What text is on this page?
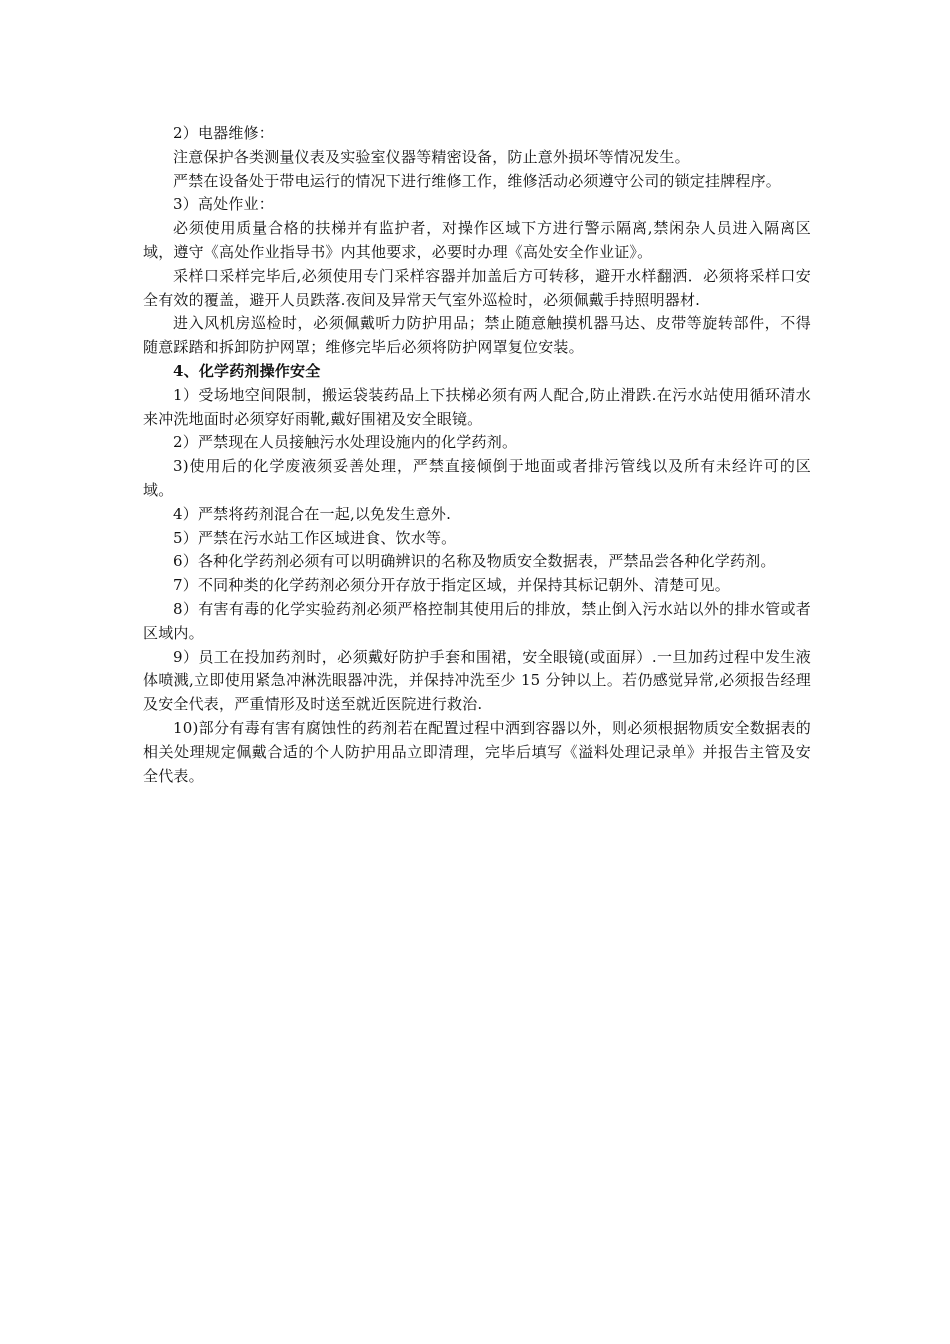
2）电器维修：

注意保护各类测量仪表及实验室仪器等精密设备，防止意外损坏等情况发生。

严禁在设备处于带电运行的情况下进行维修工作，维修活动必须遵守公司的锁定挂牌程序。

3）高处作业：

必须使用质量合格的扶梯并有监护者，对操作区域下方进行警示隔离,禁闲杂人员进入隔离区域，遵守《高处作业指导书》内其他要求，必要时办理《高处安全作业证》。

采样口采样完毕后,必须使用专门采样容器并加盖后方可转移，避开水样翻洒．必须将采样口安全有效的覆盖，避开人员跌落.夜间及异常天气室外巡检时，必须佩戴手持照明器材.

进入风机房巡检时，必须佩戴听力防护用品；禁止随意触摸机器马达、皮带等旋转部件，不得随意踩踏和拆卸防护网罩；维修完毕后必须将防护网罩复位安装。

4、化学药剂操作安全

1）受场地空间限制，搬运袋装药品上下扶梯必须有两人配合,防止滑跌.在污水站使用循环清水来冲洗地面时必须穿好雨靴,戴好围裙及安全眼镜。

2）严禁现在人员接触污水处理设施内的化学药剂。

3)使用后的化学废液须妥善处理，严禁直接倾倒于地面或者排污管线以及所有未经许可的区域。

4）严禁将药剂混合在一起,以免发生意外.

5）严禁在污水站工作区域进食、饮水等。

6）各种化学药剂必须有可以明确辨识的名称及物质安全数据表，严禁品尝各种化学药剂。

7）不同种类的化学药剂必须分开存放于指定区域，并保持其标记朝外、清楚可见。

8）有害有毒的化学实验药剂必须严格控制其使用后的排放，禁止倒入污水站以外的排水管或者区域内。

9）员工在投加药剂时，必须戴好防护手套和围裙，安全眼镜(或面屏）.一旦加药过程中发生液体喷溅,立即使用紧急冲淋洗眼器冲洗，并保持冲洗至少 15 分钟以上。若仍感觉异常,必须报告经理及安全代表，严重情形及时送至就近医院进行救治.

10)部分有毒有害有腐蚀性的药剂若在配置过程中洒到容器以外，则必须根据物质安全数据表的相关处理规定佩戴合适的个人防护用品立即清理，完毕后填写《溢料处理记录单》并报告主管及安全代表。
